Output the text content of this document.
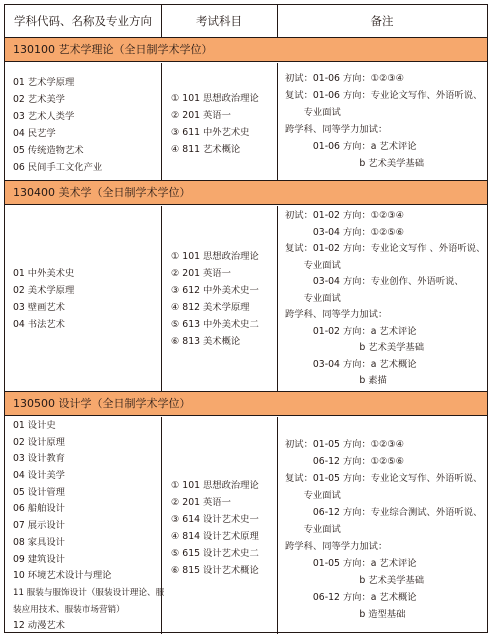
学科代码、名称及专业方向	考试科目	备注
130100 艺术学理论（全日制学术学位）
01 艺术学原理
02 艺术美学
03 艺术人类学
04 民艺学
05 传统造物艺术
06 民间手工文化产业
① 101 思想政治理论
② 201 英语一
③ 611 中外艺术史
④ 811 艺术概论
初试：01-06 方向：①②③④
复试：01-06 方向：专业论文写作、外语听说、
　　专业面试
跨学科、同等学力加试：
　　　01-06 方向：a 艺术评论
　　　　　　　　b 艺术美学基础
130400 美术学（全日制学术学位）
01 中外美术史
02 美术学原理
03 壁画艺术
04 书法艺术
① 101 思想政治理论
② 201 英语一
③ 612 中外美术史一
④ 812 美术学原理
⑤ 613 中外美术史二
⑥ 813 美术概论
初试：01-02 方向：①②③④
　　　03-04 方向：①②⑤⑥
复试：01-02 方向：专业论文写作 、外语听说、
　　专业面试
　　　03-04 方向：专业创作、外语听说、
　　专业面试
跨学科、同等学力加试：
　　　01-02 方向：a 艺术评论
　　　　　　　　b 艺术美学基础
　　　03-04 方向：a 艺术概论
　　　　　　　　b 素描
130500 设计学（全日制学术学位）
01 设计史
02 设计原理
03 设计教育
04 设计美学
05 设计管理
06 船舶设计
07 展示设计
08 家具设计
09 建筑设计
10 环境艺术设计与理论
11 服装与服饰设计（服装设计理论、服
装应用技术、服装市场营销）
12 动漫艺术
① 101 思想政治理论
② 201 英语一
③ 614 设计艺术史一
④ 814 设计艺术原理
⑤ 615 设计艺术史二
⑥ 815 设计艺术概论
初试：01-05 方向：①②③④
　　　06-12 方向：①②⑤⑥
复试：01-05 方向：专业论文写作、外语听说、
　　专业面试
　　　06-12 方向：专业综合测试、外语听说、
　　专业面试
跨学科、同等学力加试：
　　　01-05 方向：a 艺术评论
　　　　　　　　b 艺术美学基础
　　　06-12 方向：a 艺术概论
　　　　　　　　b 造型基础
